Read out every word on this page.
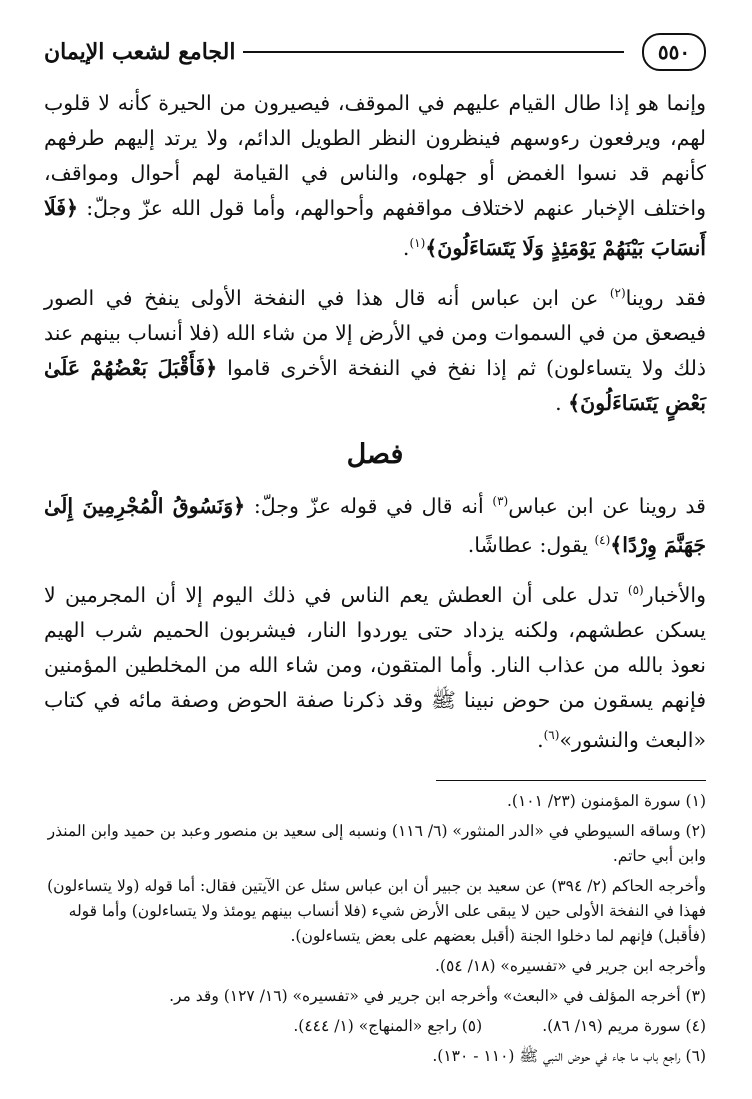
٥٥٠
الجامع لشعب الإيمان

وإنما هو إذا طال القيام عليهم في الموقف، فيصيرون من الحيرة كأنه لا قلوب لهم، ويرفعون رءوسهم فينظرون النظر الطويل الدائم، ولا يرتد إليهم طرفهم كأنهم قد نسوا الغمض أو جهلوه، والناس في القيامة لهم أحوال ومواقف، واختلف الإخبار عنهم لاختلاف مواقفهم وأحوالهم، وأما قول الله عزّ وجلّ: ﴿فَلَا أَنسَابَ بَيْنَهُمْ يَوْمَئِذٍ وَلَا يَتَسَاءَلُونَ﴾$^{(١)}$.

فقد روينا$^{(٢)}$ عن ابن عباس أنه قال هذا في النفخة الأولى ينفخ في الصور فيصعق من في السموات ومن في الأرض إلا من شاء الله (فلا أنساب بينهم عند ذلك ولا يتساءلون) ثم إذا نفخ في النفخة الأخرى قاموا ﴿فَأَقْبَلَ بَعْضُهُمْ عَلَىٰ بَعْضٍ يَتَسَاءَلُونَ﴾ .

فصل

قد روينا عن ابن عباس$^{(٣)}$ أنه قال في قوله عزّ وجلّ: ﴿وَنَسُوقُ الْمُجْرِمِينَ إِلَىٰ جَهَنَّمَ وِرْدًا﴾$^{(٤)}$ يقول: عطاشًا.

والأخبار$^{(٥)}$ تدل على أن العطش يعم الناس في ذلك اليوم إلا أن المجرمين لا يسكن عطشهم، ولكنه يزداد حتى يوردوا النار، فيشربون الحميم شرب الهيم نعوذ بالله من عذاب النار. وأما المتقون، ومن شاء الله من المخلطين المؤمنين فإنهم يسقون من حوض نبينا ﷺ وقد ذكرنا صفة الحوض وصفة مائه في كتاب «البعث والنشور»$^{(٦)}$.

(١) سورة المؤمنون (٢٣/ ١٠١).

(٢) وساقه السيوطي في «الدر المنثور» (٦/ ١١٦) ونسبه إلى سعيد بن منصور وعبد بن حميد وابن المنذر وابن أبي حاتم.

وأخرجه الحاكم (٢/ ٣٩٤) عن سعيد بن جبير أن ابن عباس سئل عن الآيتين فقال: أما قوله (ولا يتساءلون) فهذا في النفخة الأولى حين لا يبقى على الأرض شيء (فلا أنساب بينهم يومئذ ولا يتساءلون) وأما قوله (فأقبل) فإنهم لما دخلوا الجنة (أقبل بعضهم على بعض يتساءلون).

وأخرجه ابن جرير في «تفسيره» (١٨/ ٥٤).

(٣) أخرجه المؤلف في «البعث» وأخرجه ابن جرير في «تفسيره» (١٦/ ١٢٧) وقد مر.

(٤) سورة مريم (١٩/ ٨٦).
(٥) راجع «المنهاج» (١/ ٤٤٤).

(٦) راجع باب ما جاء في حوض النبي ﷺ (١١٠ - ١٣٠).
